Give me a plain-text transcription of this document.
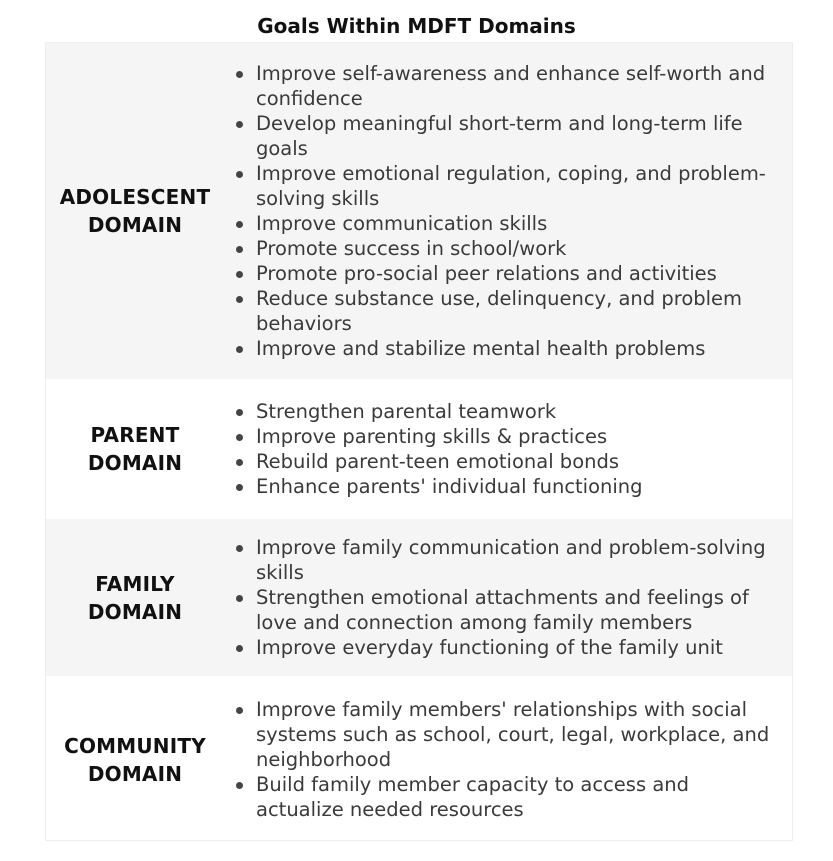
Goals Within MDFT Domains
ADOLESCENT
DOMAIN
Improve self-awareness and enhance self-worth and confidence
Develop meaningful short-term and long-term life goals
Improve emotional regulation, coping, and problem-solving skills
Improve communication skills
Promote success in school/work
Promote pro-social peer relations and activities
Reduce substance use, delinquency, and problem behaviors
Improve and stabilize mental health problems
PARENT
DOMAIN
Strengthen parental teamwork
Improve parenting skills & practices
Rebuild parent-teen emotional bonds
Enhance parents' individual functioning
FAMILY
DOMAIN
Improve family communication and problem-solving skills
Strengthen emotional attachments and feelings of love and connection among family members
Improve everyday functioning of the family unit
COMMUNITY
DOMAIN
Improve family members' relationships with social systems such as school, court, legal, workplace, and neighborhood
Build family member capacity to access and actualize needed resources
